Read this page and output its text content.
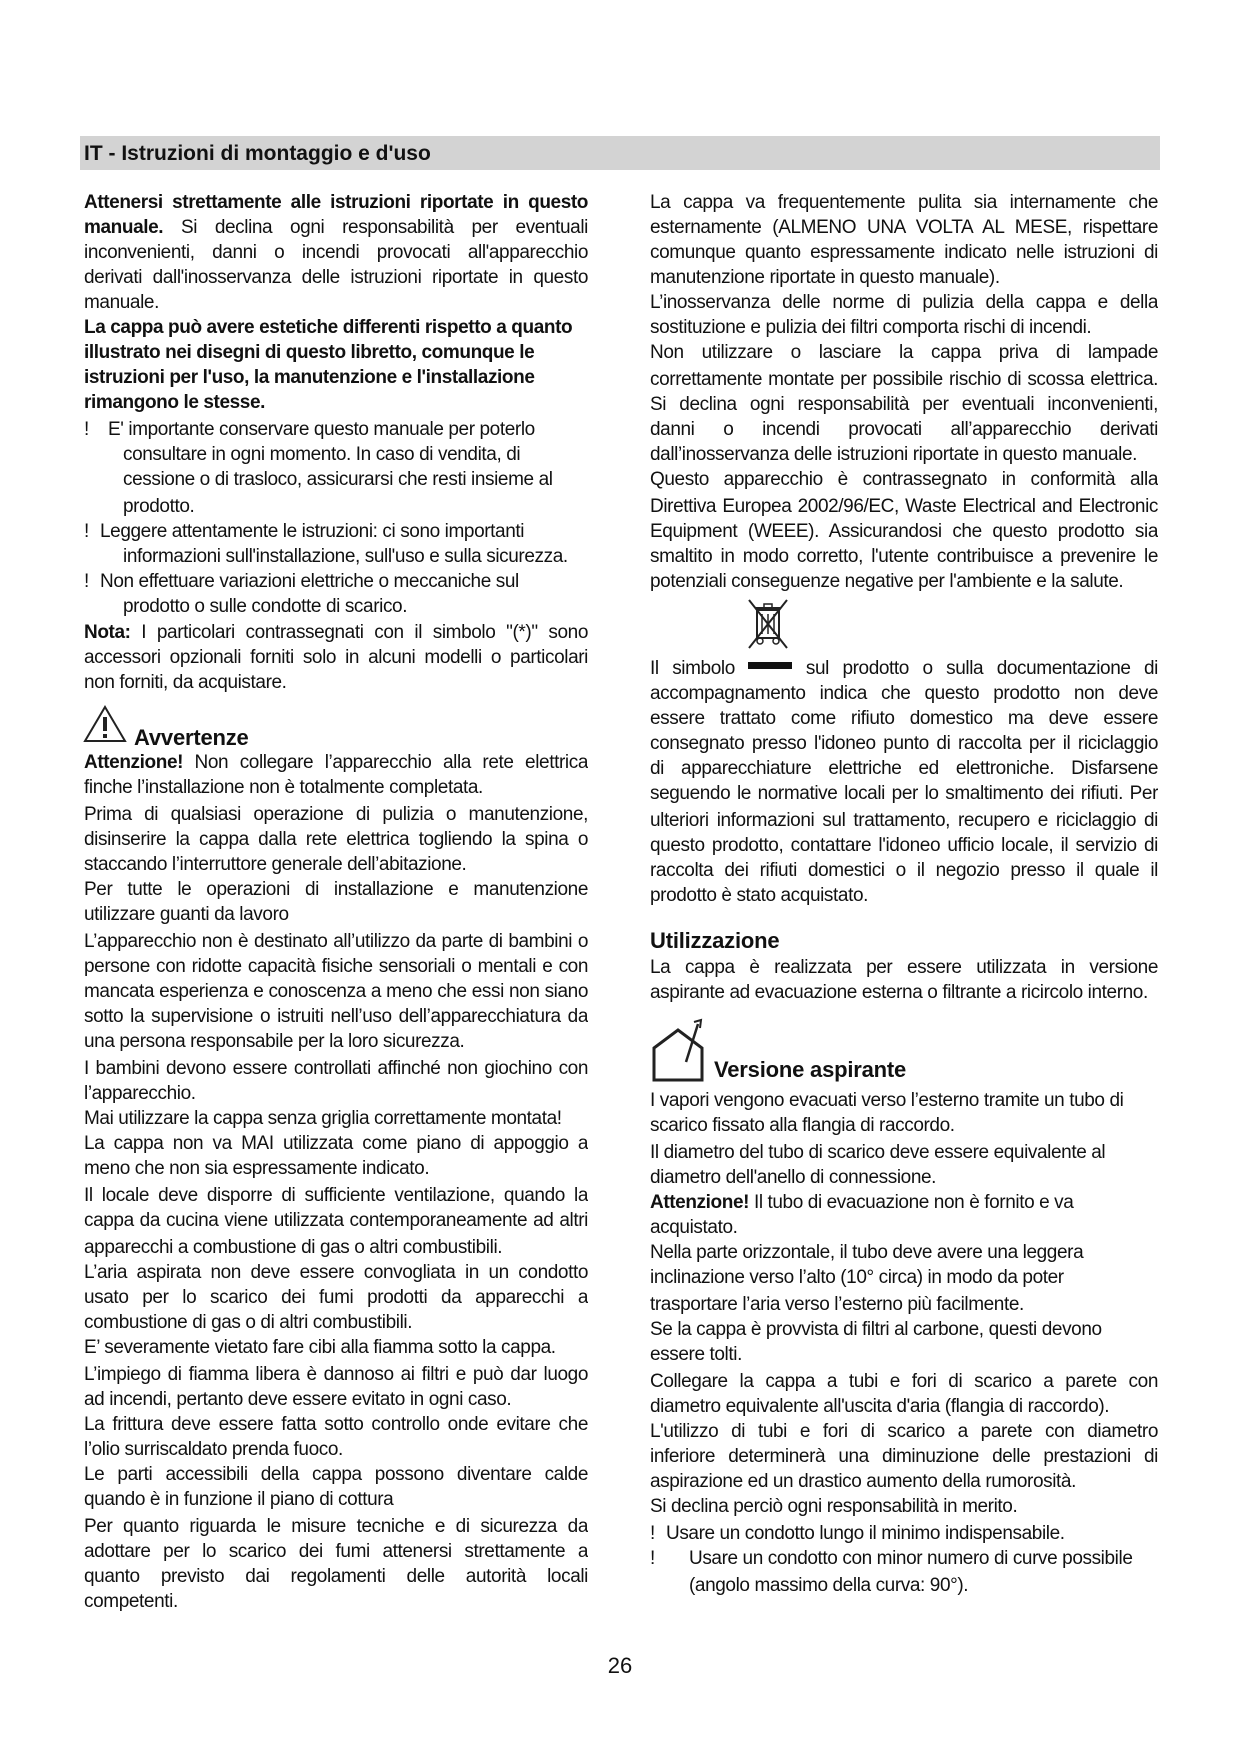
IT - Istruzioni di montaggio e d'uso
Attenersi strettamente alle istruzioni riportate in questo
manuale. Si declina ogni responsabilità per eventuali
inconvenienti, danni o incendi provocati all'apparecchio
derivati dall'inosservanza delle istruzioni riportate in questo
manuale.
La cappa può avere estetiche differenti rispetto a quanto
illustrato nei disegni di questo libretto, comunque le
istruzioni per l'uso, la manutenzione e l'installazione
rimangono le stesse.
! E' importante conservare questo manuale per poterlo
consultare in ogni momento. In caso di vendita, di
cessione o di trasloco, assicurarsi che resti insieme al
prodotto.
! Leggere attentamente le istruzioni: ci sono importanti
informazioni sull'installazione, sull'uso e sulla sicurezza.
! Non effettuare variazioni elettriche o meccaniche sul
prodotto o sulle condotte di scarico.
Nota: I particolari contrassegnati con il simbolo "(*)" sono
accessori opzionali forniti solo in alcuni modelli o particolari
non forniti, da acquistare.
Avvertenze
Attenzione! Non collegare l’apparecchio alla rete elettrica
finche l’installazione non è totalmente completata.
Prima di qualsiasi operazione di pulizia o manutenzione,
disinserire la cappa dalla rete elettrica togliendo la spina o
staccando l’interruttore generale dell’abitazione.
Per tutte le operazioni di installazione e manutenzione
utilizzare guanti da lavoro
L’apparecchio non è destinato all’utilizzo da parte di bambini o
persone con ridotte capacità fisiche sensoriali o mentali e con
mancata esperienza e conoscenza a meno che essi non siano
sotto la supervisione o istruiti nell’uso dell’apparecchiatura da
una persona responsabile per la loro sicurezza.
I bambini devono essere controllati affinché non giochino con
l’apparecchio.
Mai utilizzare la cappa senza griglia correttamente montata!
La cappa non va MAI utilizzata come piano di appoggio a
meno che non sia espressamente indicato.
Il locale deve disporre di sufficiente ventilazione, quando la
cappa da cucina viene utilizzata contemporaneamente ad altri
apparecchi a combustione di gas o altri combustibili.
L’aria aspirata non deve essere convogliata in un condotto
usato per lo scarico dei fumi prodotti da apparecchi a
combustione di gas o di altri combustibili.
E’ severamente vietato fare cibi alla fiamma sotto la cappa.
L’impiego di fiamma libera è dannoso ai filtri e può dar luogo
ad incendi, pertanto deve essere evitato in ogni caso.
La frittura deve essere fatta sotto controllo onde evitare che
l’olio surriscaldato prenda fuoco.
Le parti accessibili della cappa possono diventare calde
quando è in funzione il piano di cottura
Per quanto riguarda le misure tecniche e di sicurezza da
adottare per lo scarico dei fumi attenersi strettamente a
quanto previsto dai regolamenti delle autorità locali
competenti.
La cappa va frequentemente pulita sia internamente che
esternamente (ALMENO UNA VOLTA AL MESE, rispettare
comunque quanto espressamente indicato nelle istruzioni di
manutenzione riportate in questo manuale).
L’inosservanza delle norme di pulizia della cappa e della
sostituzione e pulizia dei filtri comporta rischi di incendi.
Non utilizzare o lasciare la cappa priva di lampade
correttamente montate per possibile rischio di scossa elettrica.
Si declina ogni responsabilità per eventuali inconvenienti,
danni o incendi provocati all’apparecchio derivati
dall’inosservanza delle istruzioni riportate in questo manuale.
Questo apparecchio è contrassegnato in conformità alla
Direttiva Europea 2002/96/EC, Waste Electrical and Electronic
Equipment (WEEE). Assicurandosi che questo prodotto sia
smaltito in modo corretto, l'utente contribuisce a prevenire le
potenziali conseguenze negative per l'ambiente e la salute.
Il simbolo	sul prodotto o sulla documentazione di
accompagnamento indica che questo prodotto non deve
essere trattato come rifiuto domestico ma deve essere
consegnato presso l'idoneo punto di raccolta per il riciclaggio
di apparecchiature elettriche ed elettroniche. Disfarsene
seguendo le normative locali per lo smaltimento dei rifiuti. Per
ulteriori informazioni sul trattamento, recupero e riciclaggio di
questo prodotto, contattare l'idoneo ufficio locale, il servizio di
raccolta dei rifiuti domestici o il negozio presso il quale il
prodotto è stato acquistato.
Utilizzazione
La cappa è realizzata per essere utilizzata in versione
aspirante ad evacuazione esterna o filtrante a ricircolo interno.
Versione aspirante
I vapori vengono evacuati verso l’esterno tramite un tubo di
scarico fissato alla flangia di raccordo.
Il diametro del tubo di scarico deve essere equivalente al
diametro dell'anello di connessione.
Attenzione! Il tubo di evacuazione non è fornito e va
acquistato.
Nella parte orizzontale, il tubo deve avere una leggera
inclinazione verso l’alto (10° circa) in modo da poter
trasportare l’aria verso l’esterno più facilmente.
Se la cappa è provvista di filtri al carbone, questi devono
essere tolti.
Collegare la cappa a tubi e fori di scarico a parete con
diametro equivalente all'uscita d'aria (flangia di raccordo).
L'utilizzo di tubi e fori di scarico a parete con diametro
inferiore determinerà una diminuzione delle prestazioni di
aspirazione ed un drastico aumento della rumorosità.
Si declina perciò ogni responsabilità in merito.
! Usare un condotto lungo il minimo indispensabile.
! Usare un condotto con minor numero di curve possibile
(angolo massimo della curva: 90°).
26
